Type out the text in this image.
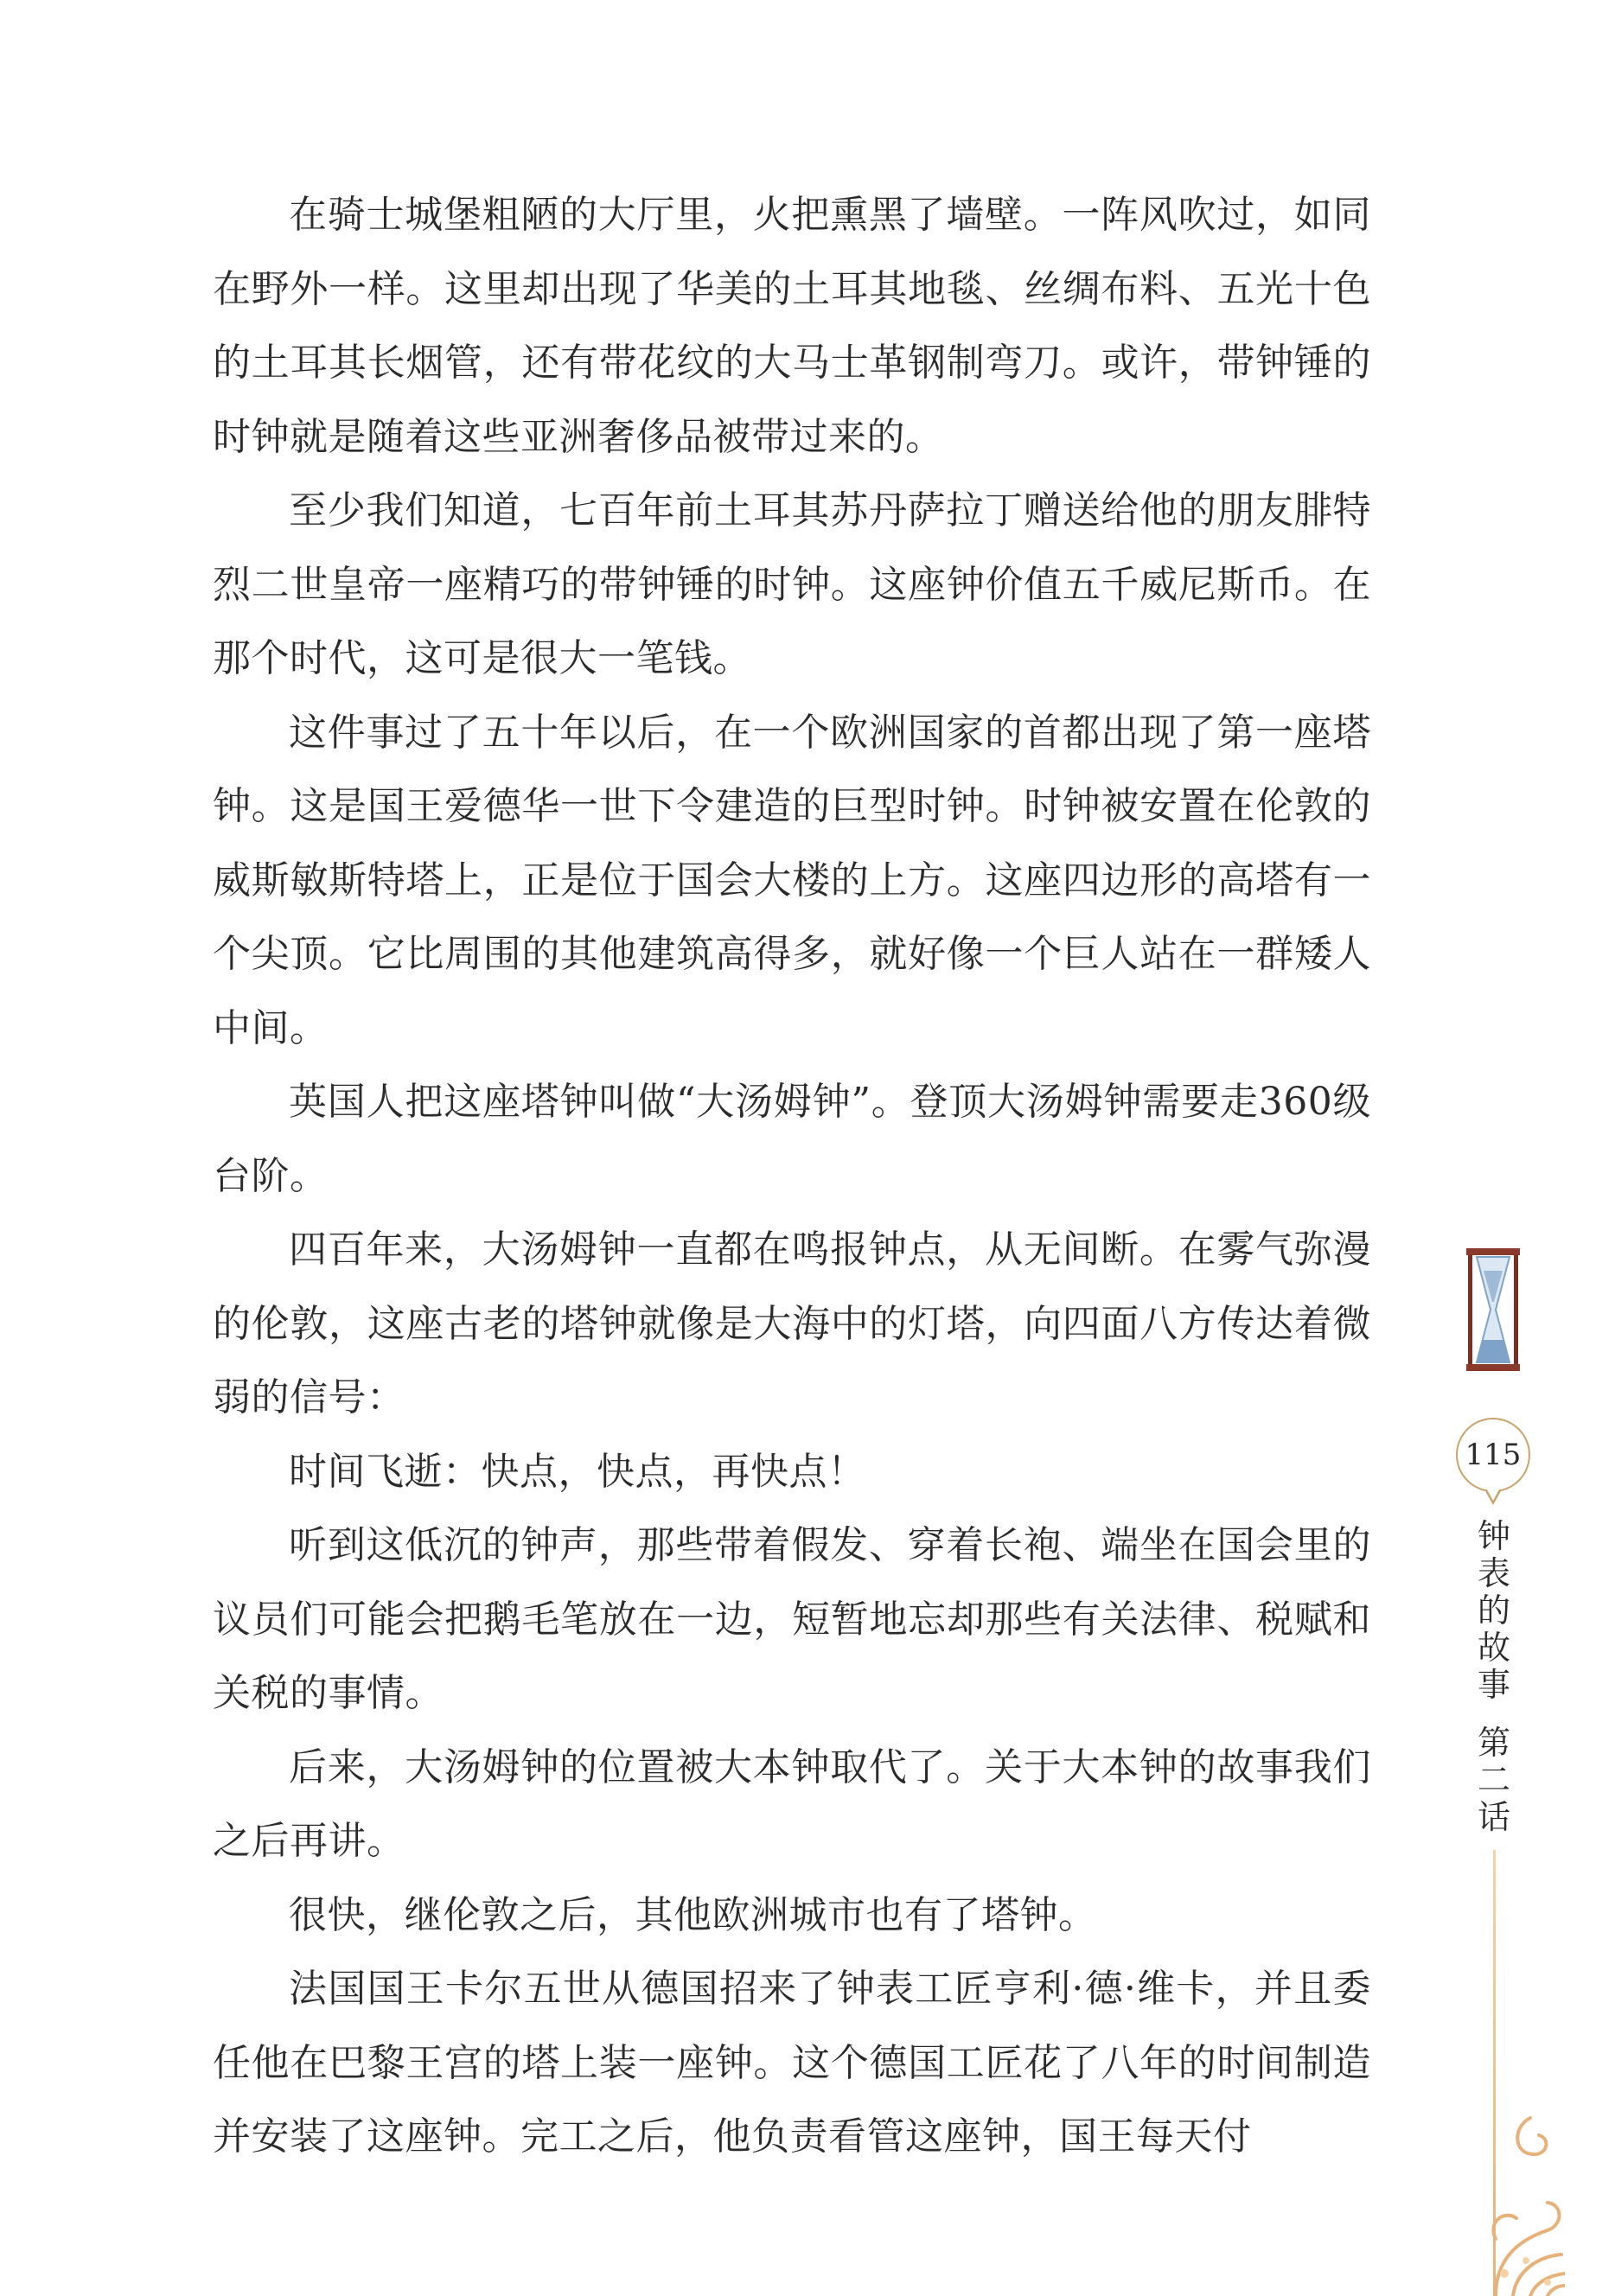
在骑士城堡粗陋的大厅里，火把熏黑了墙壁。一阵风吹过，如同在野外一样。这里却出现了华美的土耳其地毯、丝绸布料、五光十色的土耳其长烟管，还有带花纹的大马士革钢制弯刀。或许，带钟锤的时钟就是随着这些亚洲奢侈品被带过来的。

至少我们知道，七百年前土耳其苏丹萨拉丁赠送给他的朋友腓特烈二世皇帝一座精巧的带钟锤的时钟。这座钟价值五千威尼斯币。在那个时代，这可是很大一笔钱。

这件事过了五十年以后，在一个欧洲国家的首都出现了第一座塔钟。这是国王爱德华一世下令建造的巨型时钟。时钟被安置在伦敦的威斯敏斯特塔上，正是位于国会大楼的上方。这座四边形的高塔有一个尖顶。它比周围的其他建筑高得多，就好像一个巨人站在一群矮人中间。

英国人把这座塔钟叫做“大汤姆钟”。登顶大汤姆钟需要走360级台阶。

四百年来，大汤姆钟一直都在鸣报钟点，从无间断。在雾气弥漫的伦敦，这座古老的塔钟就像是大海中的灯塔，向四面八方传达着微弱的信号：

时间飞逝：快点，快点，再快点！

听到这低沉的钟声，那些带着假发、穿着长袍、端坐在国会里的议员们可能会把鹅毛笔放在一边，短暂地忘却那些有关法律、税赋和关税的事情。

后来，大汤姆钟的位置被大本钟取代了。关于大本钟的故事我们之后再讲。

很快，继伦敦之后，其他欧洲城市也有了塔钟。

法国国王卡尔五世从德国招来了钟表工匠亨利·德·维卡，并且委任他在巴黎王宫的塔上装一座钟。这个德国工匠花了八年的时间制造并安装了这座钟。完工之后，他负责看管这座钟，国王每天付

115
钟
表
的
故
事
第
二
话
